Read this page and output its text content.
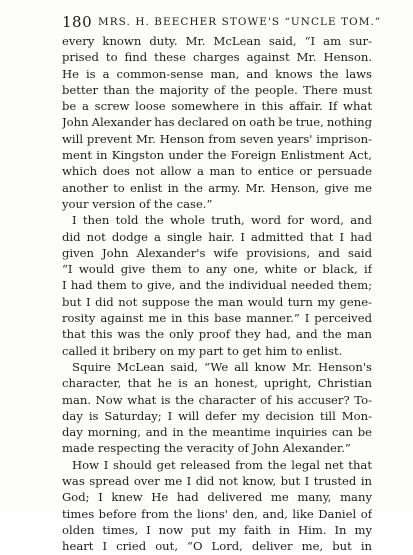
180 MRS. H. BEECHER STOWE'S “UNCLE TOM.”
every known duty. Mr. McLean said, “I am sur-
prised to find these charges against Mr. Henson.
He is a common-sense man, and knows the laws
better than the majority of the people. There must
be a screw loose somewhere in this affair. If what
John Alexander has declared on oath be true, nothing
will prevent Mr. Henson from seven years' imprison-
ment in Kingston under the Foreign Enlistment Act,
which does not allow a man to entice or persuade
another to enlist in the army. Mr. Henson, give me
your version of the case.”
I then told the whole truth, word for word, and
did not dodge a single hair. I admitted that I had
given John Alexander's wife provisions, and said
“I would give them to any one, white or black, if
I had them to give, and the individual needed them;
but I did not suppose the man would turn my gene-
rosity against me in this base manner.” I perceived
that this was the only proof they had, and the man
called it bribery on my part to get him to enlist.
Squire McLean said, “We all know Mr. Henson's
character, that he is an honest, upright, Christian
man. Now what is the character of his accuser? To-
day is Saturday; I will defer my decision till Mon-
day morning, and in the meantime inquiries can be
made respecting the veracity of John Alexander.”
How I should get released from the legal net that
was spread over me I did not know, but I trusted in
God; I knew He had delivered me many, many
times before from the lions' den, and, like Daniel of
olden times, I now put my faith in Him. In my
heart I cried out, “O Lord, deliver me, but in
